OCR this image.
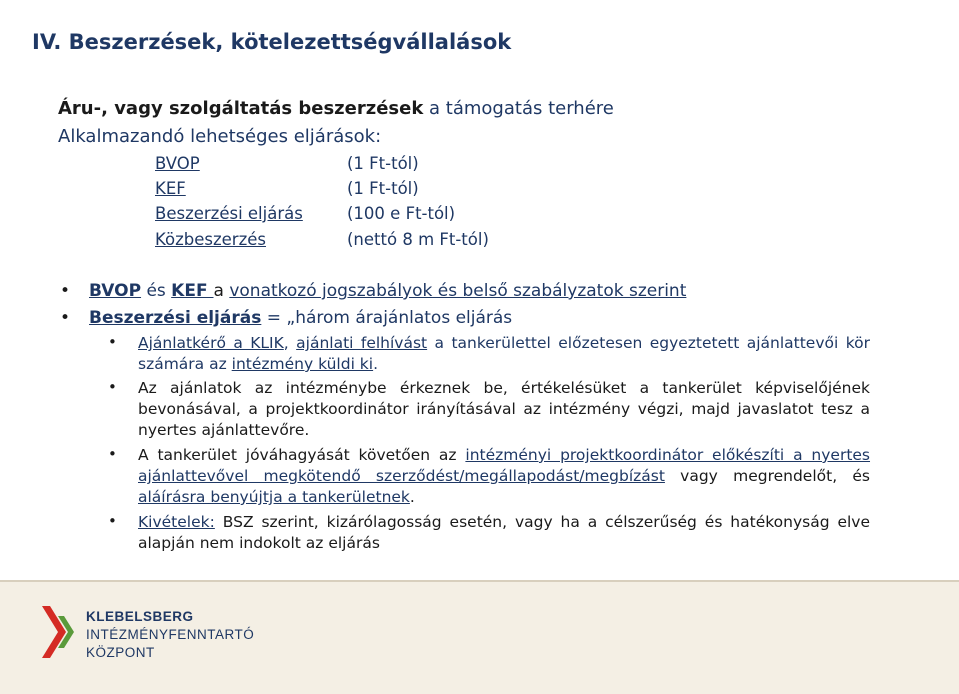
IV. Beszerzések, kötelezettségvállalások
Áru-, vagy szolgáltatás beszerzések a támogatás terhére
Alkalmazandó lehetséges eljárások:
BVOP	(1 Ft-tól)
KEF	(1 Ft-tól)
Beszerzési eljárás	(100 e Ft-tól)
Közbeszerzés	(nettó 8 m Ft-tól)
• BVOP és KEF a vonatkozó jogszabályok és belső szabályzatok szerint
• Beszerzési eljárás = „három árajánlatos eljárás
• Ajánlatkérő a KLIK, ajánlati felhívást a tankerülettel előzetesen egyeztetett ajánlattevői kör számára az intézmény küldi ki.
• Az ajánlatok az intézménybe érkeznek be, értékelésüket a tankerület képviselőjének bevonásával, a projektkoordinátor irányításával az intézmény végzi, majd javaslatot tesz a nyertes ajánlattevőre.
• A tankerület jóváhagyását követően az intézményi projektkoordinátor előkészíti a nyertes ajánlattevővel megkötendő szerződést/megállapodást/megbízást vagy megrendelőt, és aláírásra benyújtja a tankerületnek.
• Kivételek: BSZ szerint, kizárólagosság esetén, vagy ha a célszerűség és hatékonyság elve alapján nem indokolt az eljárás
KLEBELSBERG
INTÉZMÉNYFENNTARTÓ
KÖZPONT
